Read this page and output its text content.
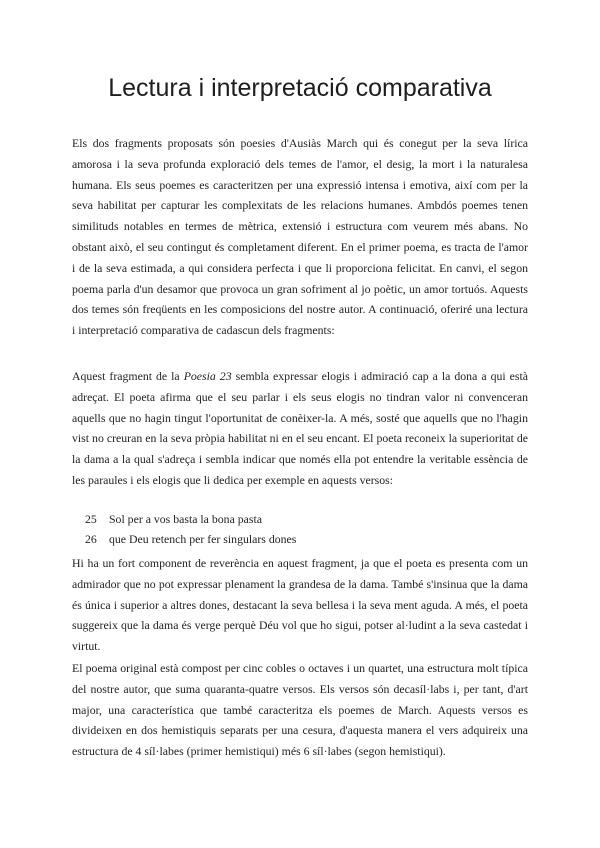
Lectura i interpretació comparativa

Els dos fragments proposats són poesies d'Ausiàs March qui és conegut per la seva lírica amorosa i la seva profunda exploració dels temes de l'amor, el desig, la mort i la naturalesa humana. Els seus poemes es caracteritzen per una expressió intensa i emotiva, així com per la seva habilitat per capturar les complexitats de les relacions humanes. Ambdós poemes tenen similituds notables en termes de mètrica, extensió i estructura com veurem més abans. No obstant això, el seu contingut és completament diferent. En el primer poema, es tracta de l'amor i de la seva estimada, a qui considera perfecta i que li proporciona felicitat. En canvi, el segon poema parla d'un desamor que provoca un gran sofriment al jo poètic, un amor tortuós. Aquests dos temes són freqüents en les composicions del nostre autor. A continuació, oferiré una lectura i interpretació comparativa de cadascun dels fragments:

Aquest fragment de la Poesia 23 sembla expressar elogis i admiració cap a la dona a qui està adreçat. El poeta afirma que el seu parlar i els seus elogis no tindran valor ni convenceran aquells que no hagin tingut l'oportunitat de conèixer-la. A més, sosté que aquells que no l'hagin vist no creuran en la seva pròpia habilitat ni en el seu encant. El poeta reconeix la superioritat de la dama a la qual s'adreça i sembla indicar que només ella pot entendre la veritable essència de les paraules i els elogis que li dedica per exemple en aquests versos:

25 Sol per a vos basta la bona pasta
26 que Deu retench per fer singulars dones

Hi ha un fort component de reverència en aquest fragment, ja que el poeta es presenta com un admirador que no pot expressar plenament la grandesa de la dama. També s'insinua que la dama és única i superior a altres dones, destacant la seva bellesa i la seva ment aguda. A més, el poeta suggereix que la dama és verge perquè Déu vol que ho sigui, potser al·ludint a la seva castedat i virtut.

El poema original està compost per cinc cobles o octaves i un quartet, una estructura molt típica del nostre autor, que suma quaranta-quatre versos. Els versos són decasíl·labs i, per tant, d'art major, una característica que també caracteritza els poemes de March. Aquests versos es divideixen en dos hemistiquis separats per una cesura, d'aquesta manera el vers adquireix una estructura de 4 síl·labes (primer hemistiqui) més 6 síl·labes (segon hemistiqui).
